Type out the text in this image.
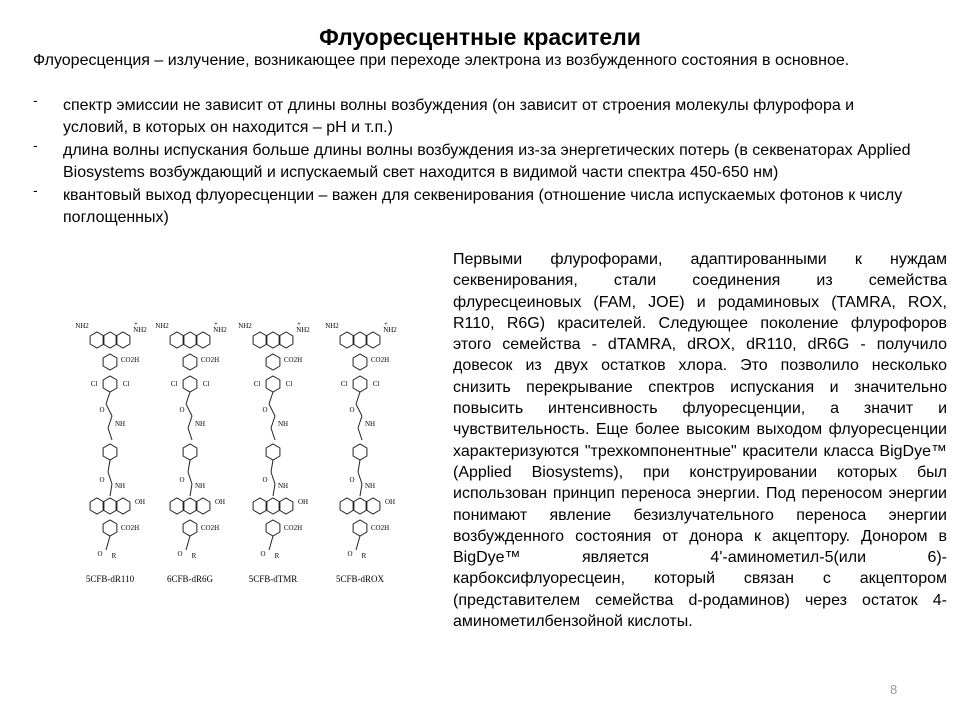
Флуоресцентные красители
Флуоресценция – излучение, возникающее при переходе электрона из возбужденного состояния в основное.
- спектр эмиссии не зависит от длины волны возбуждения (он зависит от строения молекулы флурофора и условий, в которых он находится – рН и т.п.)
- длина волны испускания больше длины волны возбуждения из-за энергетических потерь (в секвенаторах Applied Biosystems возбуждающий и испускаемый свет находится в видимой части спектра 450-650 нм)
- квантовый выход флуоресценции – важен для секвенирования (отношение числа испускаемых фотонов к числу поглощенных)
NH2	+
NH2
CO2H
Cl	Cl
O
NH
O
NH
OH
CO2H
O R
5CFB-dR110
NH2	+
NH2
CO2H
Cl	Cl
O
NH
O
NH
OH
CO2H
O R
6CFB-dR6G
NH2	+
NH2
CO2H
Cl	Cl
O
NH
O
NH
OH
CO2H
O R
5CFB-dTMR
NH2	+
NH2
CO2H
Cl	Cl
O
NH
O
NH
OH
CO2H
O R
5CFB-dROX
Первыми флурофорами, адаптированными к нуждам секвенирования, стали соединения из семейства флуресцеиновых (FAM, JOE) и родаминовых (TAMRA, ROX, R110, R6G) красителей. Следующее поколение флурофоров этого семейства - dTAMRA, dROX, dR110, dR6G - получило довесок из двух остатков хлора. Это позволило несколько снизить перекрывание спектров испускания и значительно повысить интенсивность флуоресценции, а значит и чувствительность. Еще более высоким выходом флуоресценции характеризуются "трехкомпонентные" красители класса BigDye™ (Applied Biosystems), при конструировании которых был использован принцип переноса энергии. Под переносом энергии понимают явление безизлучательного переноса энергии возбужденного состояния от донора к акцептору. Донором в BigDye™ является 4'-аминометил-5(или 6)-карбоксифлуоресцеин, который связан с акцептором (представителем семейства d-родаминов) через остаток 4-аминометилбензойной кислоты.
8
